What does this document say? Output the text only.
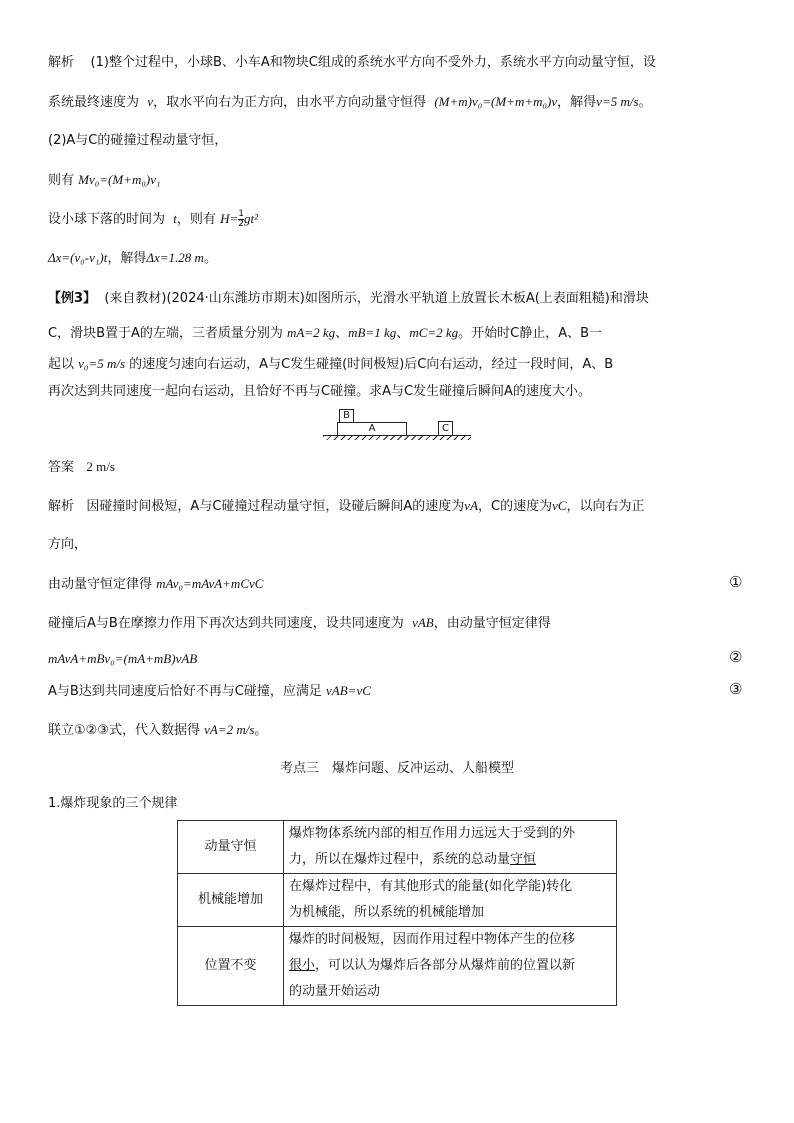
解析 (1)整个过程中，小球B、小车A和物块C组成的系统水平方向不受外力，系统水平方向动量守恒，设
系统最终速度为 v，取水平向右为正方向，由水平方向动量守恒得 (M+m)v₀=(M+m+m₀)v，解得v=5 m/s。
(2)A与C的碰撞过程动量守恒，
则有 Mv₀=(M+m₀)v₁
设小球下落的时间为 t，则有 $H= \frac{1}{2} gt^2$
Δx=(v₀-v₁)t，解得Δx=1.28 m。
【例3】 (来自教材)(2024·山东潍坊市期末)如图所示，光滑水平轨道上放置长木板A(上表面粗糙)和滑块
C，滑块B置于A的左端，三者质量分别为 mA=2 kg、mB=1 kg、mC=2 kg。开始时C静止，A、B一
起以 v₀=5 m/s 的速度匀速向右运动，A与C发生碰撞(时间极短)后C向右运动，经过一段时间，A、B
再次达到共同速度一起向右运动，且恰好不再与C碰撞。求A与C发生碰撞后瞬间A的速度大小。
B
A	C
答案 2 m/s
解析 因碰撞时间极短，A与C碰撞过程动量守恒，设碰后瞬间A的速度为vA，C的速度为vC，以向右为正
方向，
由动量守恒定律得 mAv₀=mAvA+mCvC	①
碰撞后A与B在摩擦力作用下再次达到共同速度，设共同速度为 vAB，由动量守恒定律得
mAvA+mBv₀=(mA+mB)vAB	②
A与B达到共同速度后恰好不再与C碰撞，应满足 vAB=vC	③
联立①②③式，代入数据得 vA=2 m/s。
考点三　爆炸问题、反冲运动、人船模型
1.爆炸现象的三个规律
动量守恒	爆炸物体系统内部的相互作用力远远大于受到的外
力，所以在爆炸过程中，系统的总动量守恒

机械能增加	在爆炸过程中，有其他形式的能量(如化学能)转化
为机械能，所以系统的机械能增加

位置不变	爆炸的时间极短，因而作用过程中物体产生的位移
很小，可以认为爆炸后各部分从爆炸前的位置以新
的动量开始运动
